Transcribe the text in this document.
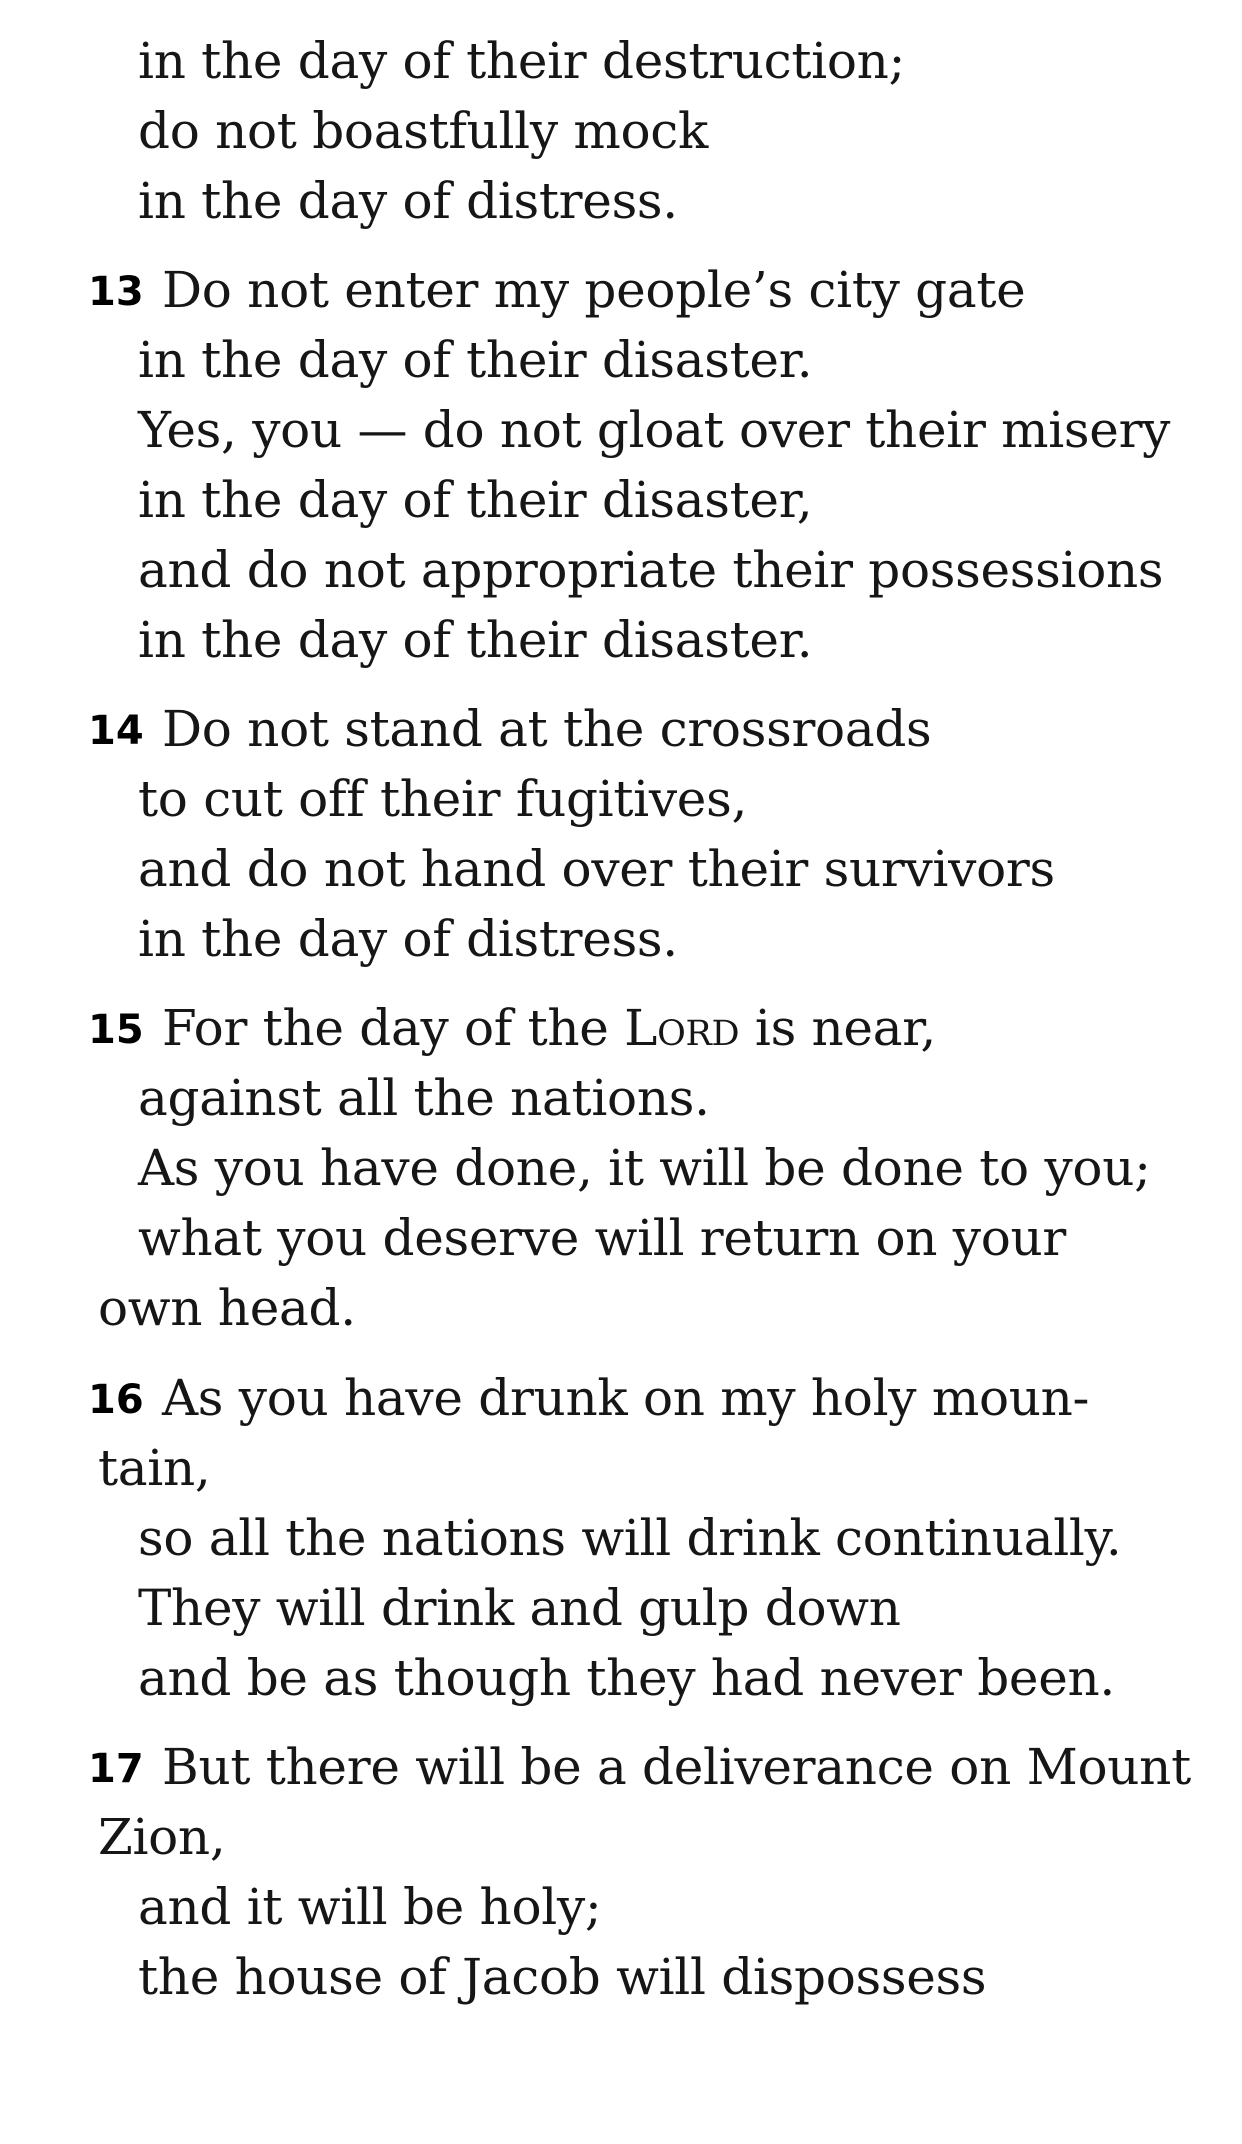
in the day of their destruction;
do not boastfully mock
in the day of distress.
13 Do not enter my people’s city gate
in the day of their disaster.
Yes, you — do not gloat over their misery
in the day of their disaster,
and do not appropriate their possessions
in the day of their disaster.
14 Do not stand at the crossroads
to cut off their fugitives,
and do not hand over their survivors
in the day of distress.
15 For the day of the Lord is near,
against all the nations.
As you have done, it will be done to you;
what you deserve will return on your
own head.
16 As you have drunk on my holy moun-
tain,
so all the nations will drink continually.
They will drink and gulp down
and be as though they had never been.
17 But there will be a deliverance on Mount
Zion,
and it will be holy;
the house of Jacob will dispossess
